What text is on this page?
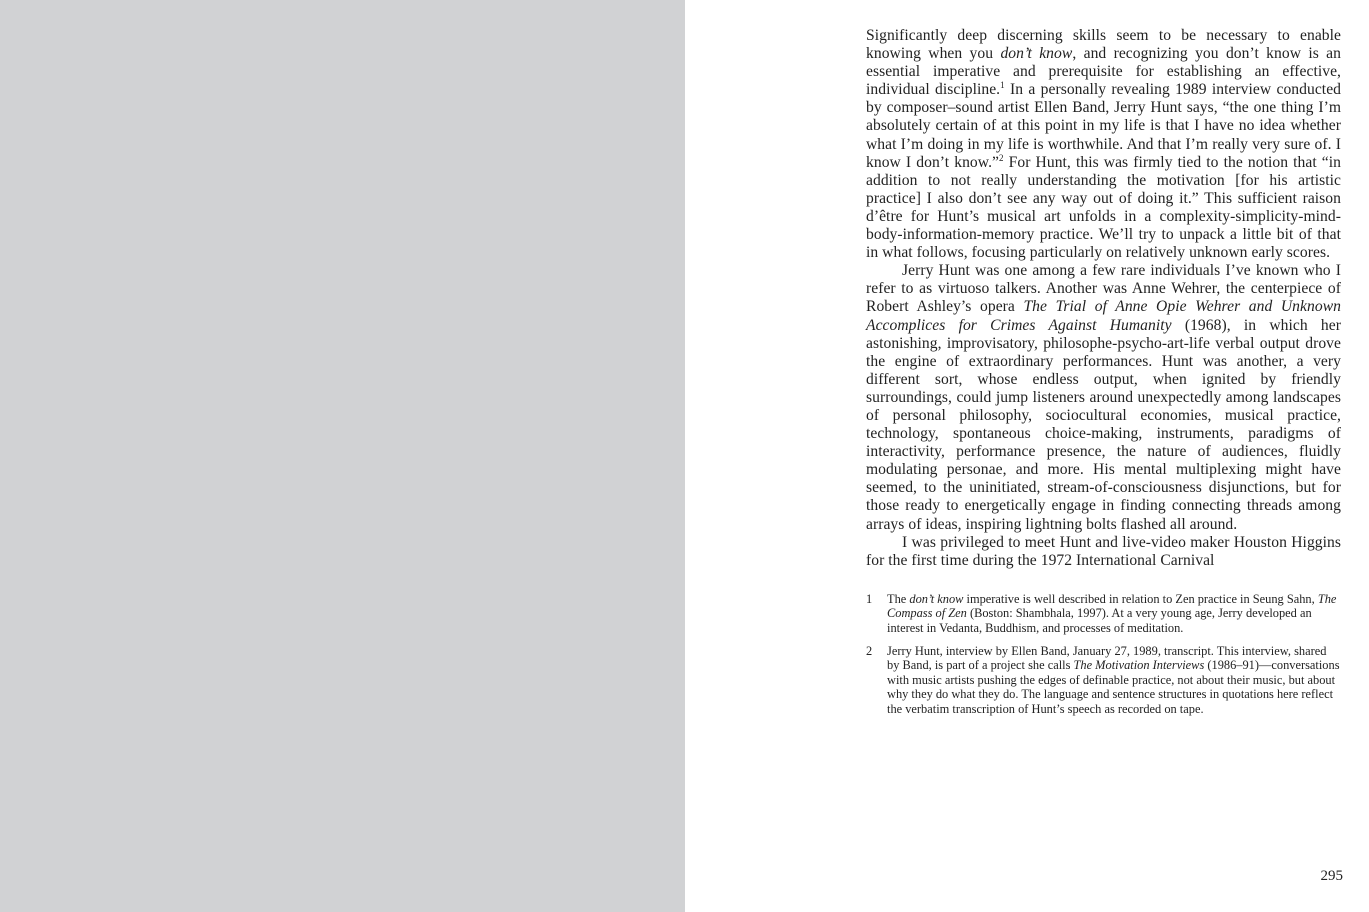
Significantly deep discerning skills seem to be necessary to enable knowing when you don’t know, and recognizing you don’t know is an essential imperative and prerequisite for establishing an effective, individual discipline.$^1$ In a personally revealing 1989 interview conducted by composer–sound artist Ellen Band, Jerry Hunt says, “the one thing I’m absolutely certain of at this point in my life is that I have no idea whether what I’m doing in my life is worthwhile. And that I’m really very sure of. I know I don’t know.”$^2$ For Hunt, this was firmly tied to the notion that “in addition to not really understanding the motivation [for his artistic practice] I also don’t see any way out of doing it.” This sufficient raison d’être for Hunt’s musical art unfolds in a complexity-simplicity-mind-body-information-memory practice. We’ll try to unpack a little bit of that in what follows, focusing particularly on relatively unknown early scores.

Jerry Hunt was one among a few rare individuals I’ve known who I refer to as virtuoso talkers. Another was Anne Wehrer, the centerpiece of Robert Ashley’s opera The Trial of Anne Opie Wehrer and Unknown Accomplices for Crimes Against Humanity (1968), in which her astonishing, improvisatory, philosophe-psycho-art-life verbal output drove the engine of extraordinary performances. Hunt was another, a very different sort, whose endless output, when ignited by friendly surroundings, could jump listeners around unexpectedly among landscapes of personal philosophy, sociocultural economies, musical practice, technology, spontaneous choice-making, instruments, paradigms of interactivity, performance presence, the nature of audiences, fluidly modulating personae, and more. His mental multiplexing might have seemed, to the uninitiated, stream-of-consciousness disjunctions, but for those ready to energetically engage in finding connecting threads among arrays of ideas, inspiring lightning bolts flashed all around.

I was privileged to meet Hunt and live-video maker Houston Higgins for the first time during the 1972 International Carnival

1	The don’t know imperative is well described in relation to Zen practice in Seung Sahn, The Compass of Zen (Boston: Shambhala, 1997). At a very young age, Jerry developed an interest in Vedanta, Buddhism, and processes of meditation.

2	Jerry Hunt, interview by Ellen Band, January 27, 1989, transcript. This interview, shared by Band, is part of a project she calls The Motivation Interviews (1986–91)—conversations with music artists pushing the edges of definable practice, not about their music, but about why they do what they do. The language and sentence structures in quotations here reflect the verbatim transcription of Hunt’s speech as recorded on tape.

295
